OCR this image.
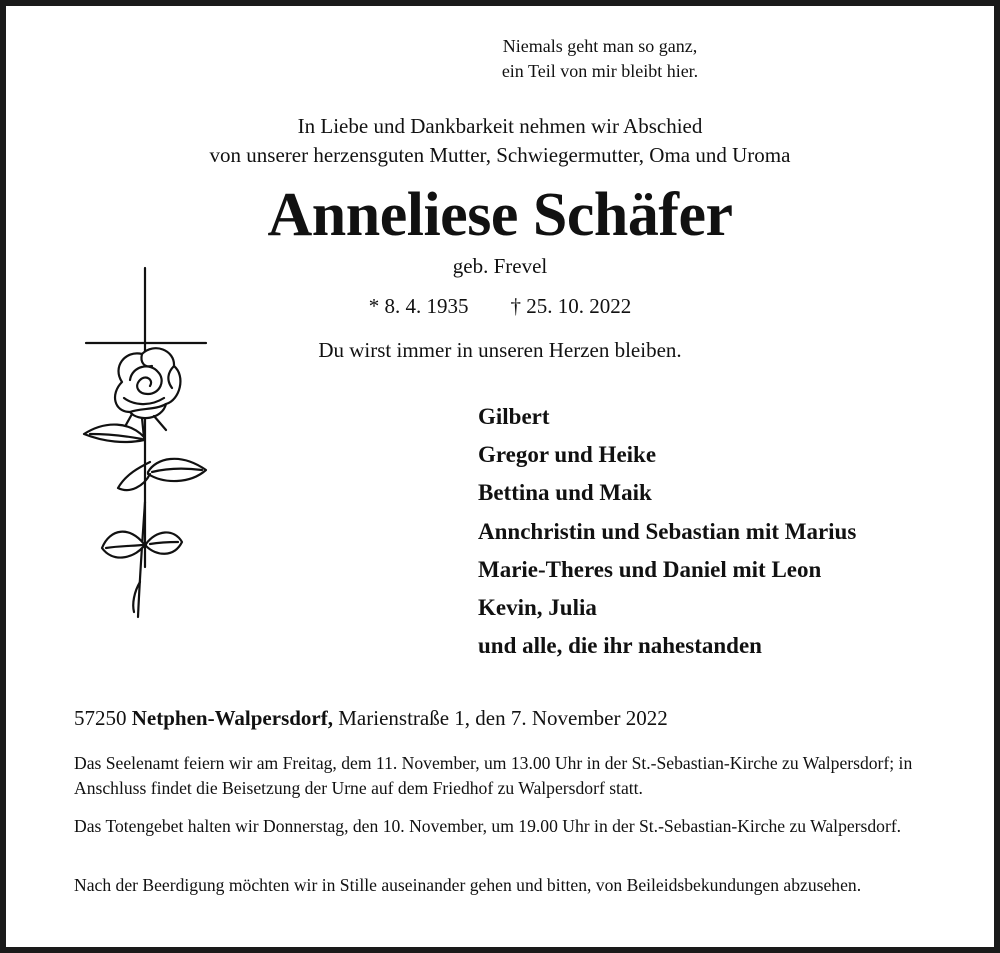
Niemals geht man so ganz,
ein Teil von mir bleibt hier.
In Liebe und Dankbarkeit nehmen wir Abschied
von unserer herzensguten Mutter, Schwiegermutter, Oma und Uroma
Anneliese Schäfer
geb. Frevel
* 8. 4. 1935 † 25. 10. 2022
Du wirst immer in unseren Herzen bleiben.
Gilbert
Gregor und Heike
Bettina und Maik
Annchristin und Sebastian mit Marius
Marie-Theres und Daniel mit Leon
Kevin, Julia
und alle, die ihr nahestanden
57250 Netphen-Walpersdorf, Marienstraße 1, den 7. November 2022
Das Seelenamt feiern wir am Freitag, dem 11. November, um 13.00 Uhr in der St.-Sebastian-Kirche zu Walpersdorf; in Anschluss findet die Beisetzung der Urne auf dem Friedhof zu Walpersdorf statt.
Das Totengebet halten wir Donnerstag, den 10. November, um 19.00 Uhr in der St.-Sebastian-Kirche zu Walpersdorf.
Nach der Beerdigung möchten wir in Stille auseinander gehen und bitten, von Beileidsbekundungen abzusehen.
